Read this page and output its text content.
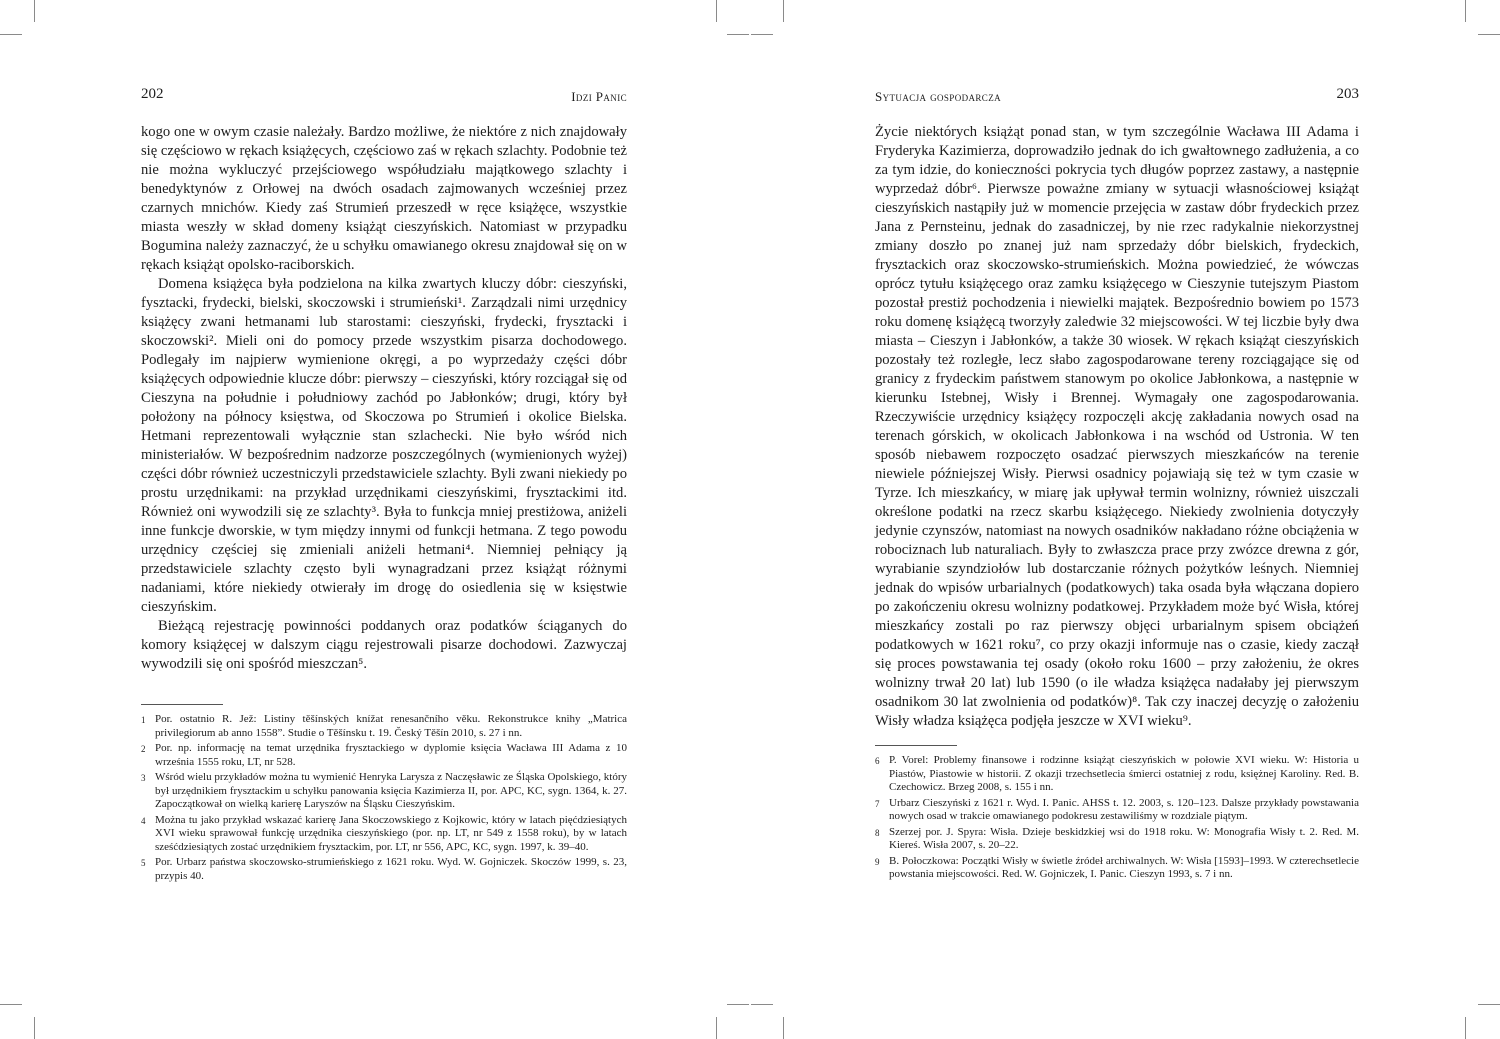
202	Idzi Panic

kogo one w owym czasie należały. Bardzo możliwe, że niektóre z nich znajdowały się częściowo w rękach książęcych, częściowo zaś w rękach szlachty. Podobnie też nie można wykluczyć przejściowego współudziału majątkowego szlachty i benedyktynów z Orłowej na dwóch osadach zajmowanych wcześniej przez czarnych mnichów. Kiedy zaś Strumień przeszedł w ręce książęce, wszystkie miasta weszły w skład domeny książąt cieszyńskich. Natomiast w przypadku Bogumina należy zaznaczyć, że u schyłku omawianego okresu znajdował się on w rękach książąt opolsko-raciborskich.

Domena książęca była podzielona na kilka zwartych kluczy dóbr: cieszyński, fysztacki, frydecki, bielski, skoczowski i strumieński¹. Zarządzali nimi urzędnicy książęcy zwani hetmanami lub starostami: cieszyński, frydecki, frysztacki i skoczowski². Mieli oni do pomocy przede wszystkim pisarza dochodowego. Podlegały im najpierw wymienione okręgi, a po wyprzedaży części dóbr książęcych odpowiednie klucze dóbr: pierwszy – cieszyński, który rozciągał się od Cieszyna na południe i południowy zachód po Jabłonków; drugi, który był położony na północy księstwa, od Skoczowa po Strumień i okolice Bielska. Hetmani reprezentowali wyłącznie stan szlachecki. Nie było wśród nich ministeriałów. W bezpośrednim nadzorze poszczególnych (wymienionych wyżej) części dóbr również uczestniczyli przedstawiciele szlachty. Byli zwani niekiedy po prostu urzędnikami: na przykład urzędnikami cieszyńskimi, frysztackimi itd. Również oni wywodzili się ze szlachty³. Była to funkcja mniej prestiżowa, aniżeli inne funkcje dworskie, w tym między innymi od funkcji hetmana. Z tego powodu urzędnicy częściej się zmieniali aniżeli hetmani⁴. Niemniej pełniący ją przedstawiciele szlachty często byli wynagradzani przez książąt różnymi nadaniami, które niekiedy otwierały im drogę do osiedlenia się w księstwie cieszyńskim.

Bieżącą rejestrację powinności poddanych oraz podatków ściąganych do komory książęcej w dalszym ciągu rejestrowali pisarze dochodowi. Zazwyczaj wywodzili się oni spośród mieszczan⁵.

1 Por. ostatnio R. Jež: Listiny těšínských knížat renesančního věku. Rekonstrukce knihy „Matrica privilegiorum ab anno 1558”. Studie o Těšínsku t. 19. Český Těšín 2010, s. 27 i nn.
2 Por. np. informację na temat urzędnika frysztackiego w dyplomie księcia Wacława III Adama z 10 września 1555 roku, LT, nr 528.
3 Wśród wielu przykładów można tu wymienić Henryka Larysza z Naczęsławic ze Śląska Opolskiego, który był urzędnikiem frysztackim u schyłku panowania księcia Kazimierza II, por. APC, KC, sygn. 1364, k. 27. Zapoczątkował on wielką karierę Laryszów na Śląsku Cieszyńskim.
4 Można tu jako przykład wskazać karierę Jana Skoczowskiego z Kojkowic, który w latach pięćdziesiątych XVI wieku sprawował funkcję urzędnika cieszyńskiego (por. np. LT, nr 549 z 1558 roku), by w latach sześćdziesiątych zostać urzędnikiem frysztackim, por. LT, nr 556, APC, KC, sygn. 1997, k. 39–40.
5 Por. Urbarz państwa skoczowsko-strumieńskiego z 1621 roku. Wyd. W. Gojniczek. Skoczów 1999, s. 23, przypis 40.
Sytuacja gospodarcza	203

Życie niektórych książąt ponad stan, w tym szczególnie Wacława III Adama i Fryderyka Kazimierza, doprowadziło jednak do ich gwałtownego zadłużenia, a co za tym idzie, do konieczności pokrycia tych długów poprzez zastawy, a następnie wyprzedaż dóbr⁶. Pierwsze poważne zmiany w sytuacji własnościowej książąt cieszyńskich nastąpiły już w momencie przejęcia w zastaw dóbr frydeckich przez Jana z Pernsteinu, jednak do zasadniczej, by nie rzec radykalnie niekorzystnej zmiany doszło po znanej już nam sprzedaży dóbr bielskich, frydeckich, frysztackich oraz skoczowsko-strumieńskich. Można powiedzieć, że wówczas oprócz tytułu książęcego oraz zamku książęcego w Cieszynie tutejszym Piastom pozostał prestiż pochodzenia i niewielki majątek. Bezpośrednio bowiem po 1573 roku domenę książęcą tworzyły zaledwie 32 miejscowości. W tej liczbie były dwa miasta – Cieszyn i Jabłonków, a także 30 wiosek. W rękach książąt cieszyńskich pozostały też rozległe, lecz słabo zagospodarowane tereny rozciągające się od granicy z frydeckim państwem stanowym po okolice Jabłonkowa, a następnie w kierunku Istebnej, Wisły i Brennej. Wymagały one zagospodarowania. Rzeczywiście urzędnicy książęcy rozpoczęli akcję zakładania nowych osad na terenach górskich, w okolicach Jabłonkowa i na wschód od Ustronia. W ten sposób niebawem rozpoczęto osadzać pierwszych mieszkańców na terenie niewiele późniejszej Wisły. Pierwsi osadnicy pojawiają się też w tym czasie w Tyrze. Ich mieszkańcy, w miarę jak upływał termin wolnizny, również uiszczali określone podatki na rzecz skarbu książęcego. Niekiedy zwolnienia dotyczyły jedynie czynszów, natomiast na nowych osadników nakładano różne obciążenia w robociznach lub naturaliach. Były to zwłaszcza prace przy zwózce drewna z gór, wyrabianie szyndziołów lub dostarczanie różnych pożytków leśnych. Niemniej jednak do wpisów urbarialnych (podatkowych) taka osada była włączana dopiero po zakończeniu okresu wolnizny podatkowej. Przykładem może być Wisła, której mieszkańcy zostali po raz pierwszy objęci urbarialnym spisem obciążeń podatkowych w 1621 roku⁷, co przy okazji informuje nas o czasie, kiedy zaczął się proces powstawania tej osady (około roku 1600 – przy założeniu, że okres wolnizny trwał 20 lat) lub 1590 (o ile władza książęca nadałaby jej pierwszym osadnikom 30 lat zwolnienia od podatków)⁸. Tak czy inaczej decyzję o założeniu Wisły władza książęca podjęła jeszcze w XVI wieku⁹.

6 P. Vorel: Problemy finansowe i rodzinne książąt cieszyńskich w połowie XVI wieku. W: Historia u Piastów, Piastowie w historii. Z okazji trzechsetlecia śmierci ostatniej z rodu, księżnej Karoliny. Red. B. Czechowicz. Brzeg 2008, s. 155 i nn.
7 Urbarz Cieszyński z 1621 r. Wyd. I. Panic. AHSS t. 12. 2003, s. 120–123. Dalsze przykłady powstawania nowych osad w trakcie omawianego podokresu zestawiliśmy w rozdziale piątym.
8 Szerzej por. J. Spyra: Wisła. Dzieje beskidzkiej wsi do 1918 roku. W: Monografia Wisły t. 2. Red. M. Kiereś. Wisła 2007, s. 20–22.
9 B. Połoczkowa: Początki Wisły w świetle źródeł archiwalnych. W: Wisła [1593]–1993. W czterechsetlecie powstania miejscowości. Red. W. Gojniczek, I. Panic. Cieszyn 1993, s. 7 i nn.
